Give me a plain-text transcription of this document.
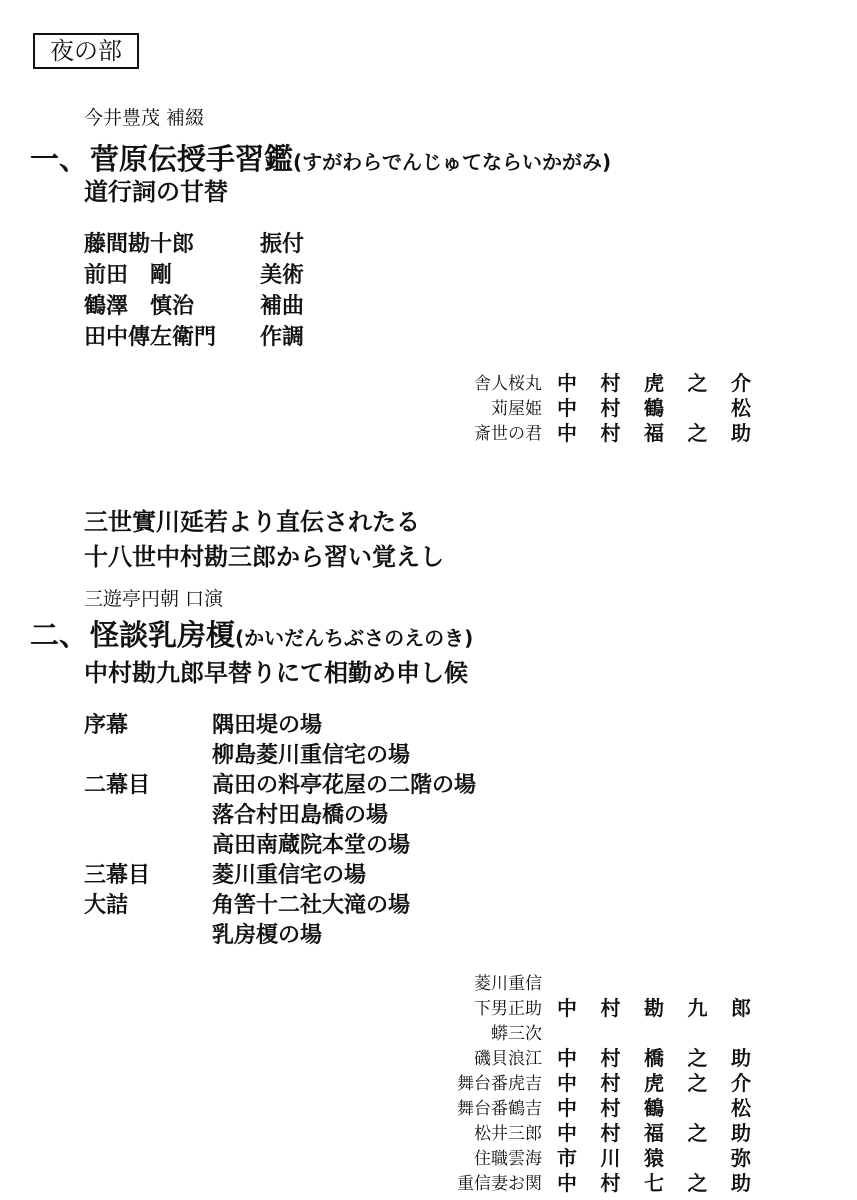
夜の部
今井豊茂 補綴
一、菅原伝授手習鑑(すがわらでんじゅてならいかがみ)
道行詞の甘替
藤間勘十郎	振付
前田　剛	美術
鶴澤　慎治	補曲
田中傳左衛門	作調
舎人桜丸 中 村 虎 之 介
苅屋姫 中 村 鶴	松
斎世の君 中 村 福 之 助
三世實川延若より直伝されたる
十八世中村勘三郎から習い覚えし
三遊亭円朝 口演
二、怪談乳房榎(かいだんちぶさのえのき)
中村勘九郎早替りにて相勤め申し候
序幕	隅田堤の場
柳島菱川重信宅の場
二幕目	高田の料亭花屋の二階の場
落合村田島橋の場
高田南蔵院本堂の場
三幕目	菱川重信宅の場
大詰	角筈十二社大滝の場
乳房榎の場
菱川重信
下男正助 中 村 勘 九 郎
蟒三次
磯貝浪江 中 村 橋 之 助
舞台番虎吉 中 村 虎 之 介
舞台番鶴吉 中 村 鶴	松
松井三郎 中 村 福 之 助
住職雲海 市 川 猿	弥
重信妻お関 中 村 七 之 助
